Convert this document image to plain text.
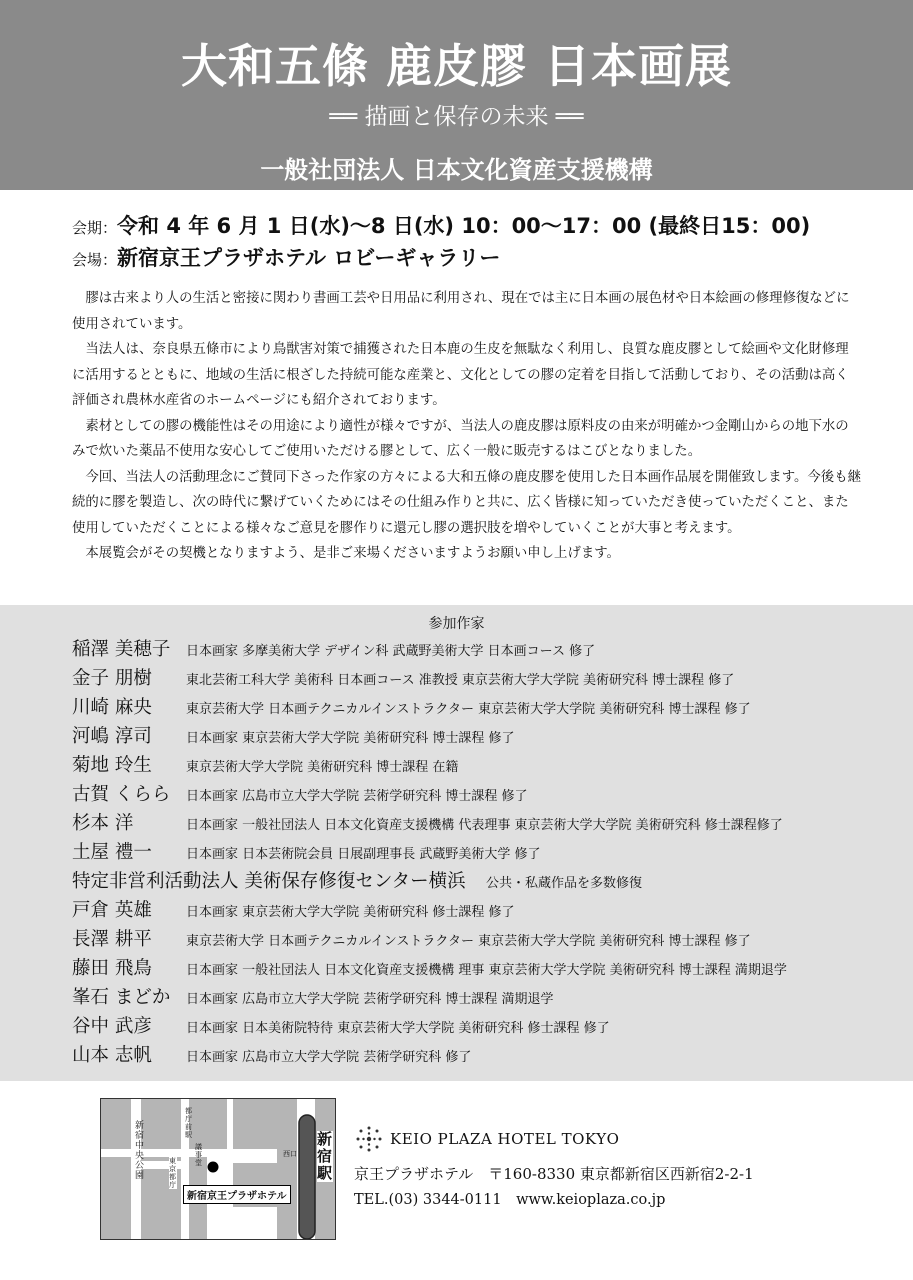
大和五條 鹿皮膠 日本画展
══ 描画と保存の未来 ══
一般社団法人 日本文化資産支援機構
会期：令和 4 年 6 月 1 日(水)～8 日(水) 10：00～17：00 (最終日15：00)
会場：新宿京王プラザホテル ロビーギャラリー

膠は古来より人の生活と密接に関わり書画工芸や日用品に利用され、現在では主に日本画の展色材や日本絵画の修理修復などに使用されています。

当法人は、奈良県五條市により鳥獣害対策で捕獲された日本鹿の生皮を無駄なく利用し、良質な鹿皮膠として絵画や文化財修理に活用するとともに、地域の生活に根ざした持続可能な産業と、文化としての膠の定着を目指して活動しており、その活動は高く評価され農林水産省のホームページにも紹介されております。

素材としての膠の機能性はその用途により適性が様々ですが、当法人の鹿皮膠は原料皮の由来が明確かつ金剛山からの地下水のみで炊いた薬品不使用な安心してご使用いただける膠として、広く一般に販売するはこびとなりました。

今回、当法人の活動理念にご賛同下さった作家の方々による大和五條の鹿皮膠を使用した日本画作品展を開催致します。今後も継続的に膠を製造し、次の時代に繋げていくためにはその仕組み作りと共に、広く皆様に知っていただき使っていただくこと、また使用していただくことによる様々なご意見を膠作りに還元し膠の選択肢を増やしていくことが大事と考えます。

本展覧会がその契機となりますよう、是非ご来場くださいますようお願い申し上げます。

参加作家
稲澤 美穂子 日本画家 多摩美術大学 デザイン科 武蔵野美術大学 日本画コース 修了
金子 朋樹	東北芸術工科大学 美術科 日本画コース 准教授 東京芸術大学大学院 美術研究科 博士課程 修了
川崎 麻央	東京芸術大学 日本画テクニカルインストラクター 東京芸術大学大学院 美術研究科 博士課程 修了
河嶋 淳司	日本画家 東京芸術大学大学院 美術研究科 博士課程 修了
菊地 玲生	東京芸術大学大学院 美術研究科 博士課程 在籍
古賀 くらら 日本画家 広島市立大学大学院 芸術学研究科 博士課程 修了
杉本 洋	日本画家 一般社団法人 日本文化資産支援機構 代表理事 東京芸術大学大学院 美術研究科 修士課程修了
土屋 禮一	日本画家 日本芸術院会員 日展副理事長 武蔵野美術大学 修了
特定非営利活動法人 美術保存修復センター横浜 公共・私蔵作品を多数修復
戸倉 英雄	日本画家 東京芸術大学大学院 美術研究科 修士課程 修了
長澤 耕平	東京芸術大学 日本画テクニカルインストラクター 東京芸術大学大学院 美術研究科 博士課程 修了
藤田 飛鳥	日本画家 一般社団法人 日本文化資産支援機構 理事 東京芸術大学大学院 美術研究科 博士課程 満期退学
峯石 まどか 日本画家 広島市立大学大学院 芸術学研究科 博士課程 満期退学
谷中 武彦	日本画家 日本美術院特待 東京芸術大学大学院 美術研究科 修士課程 修了
山本 志帆	日本画家 広島市立大学大学院 芸術学研究科 修了
新宿中央公園
都庁前駅
議事堂
東京都庁
西口
新宿駅
新宿京王プラザホテル
KEIO PLAZA HOTEL TOKYO
京王プラザホテル　〒160-8330 東京都新宿区西新宿2-2-1
TEL.(03) 3344-0111　www.keioplaza.co.jp
